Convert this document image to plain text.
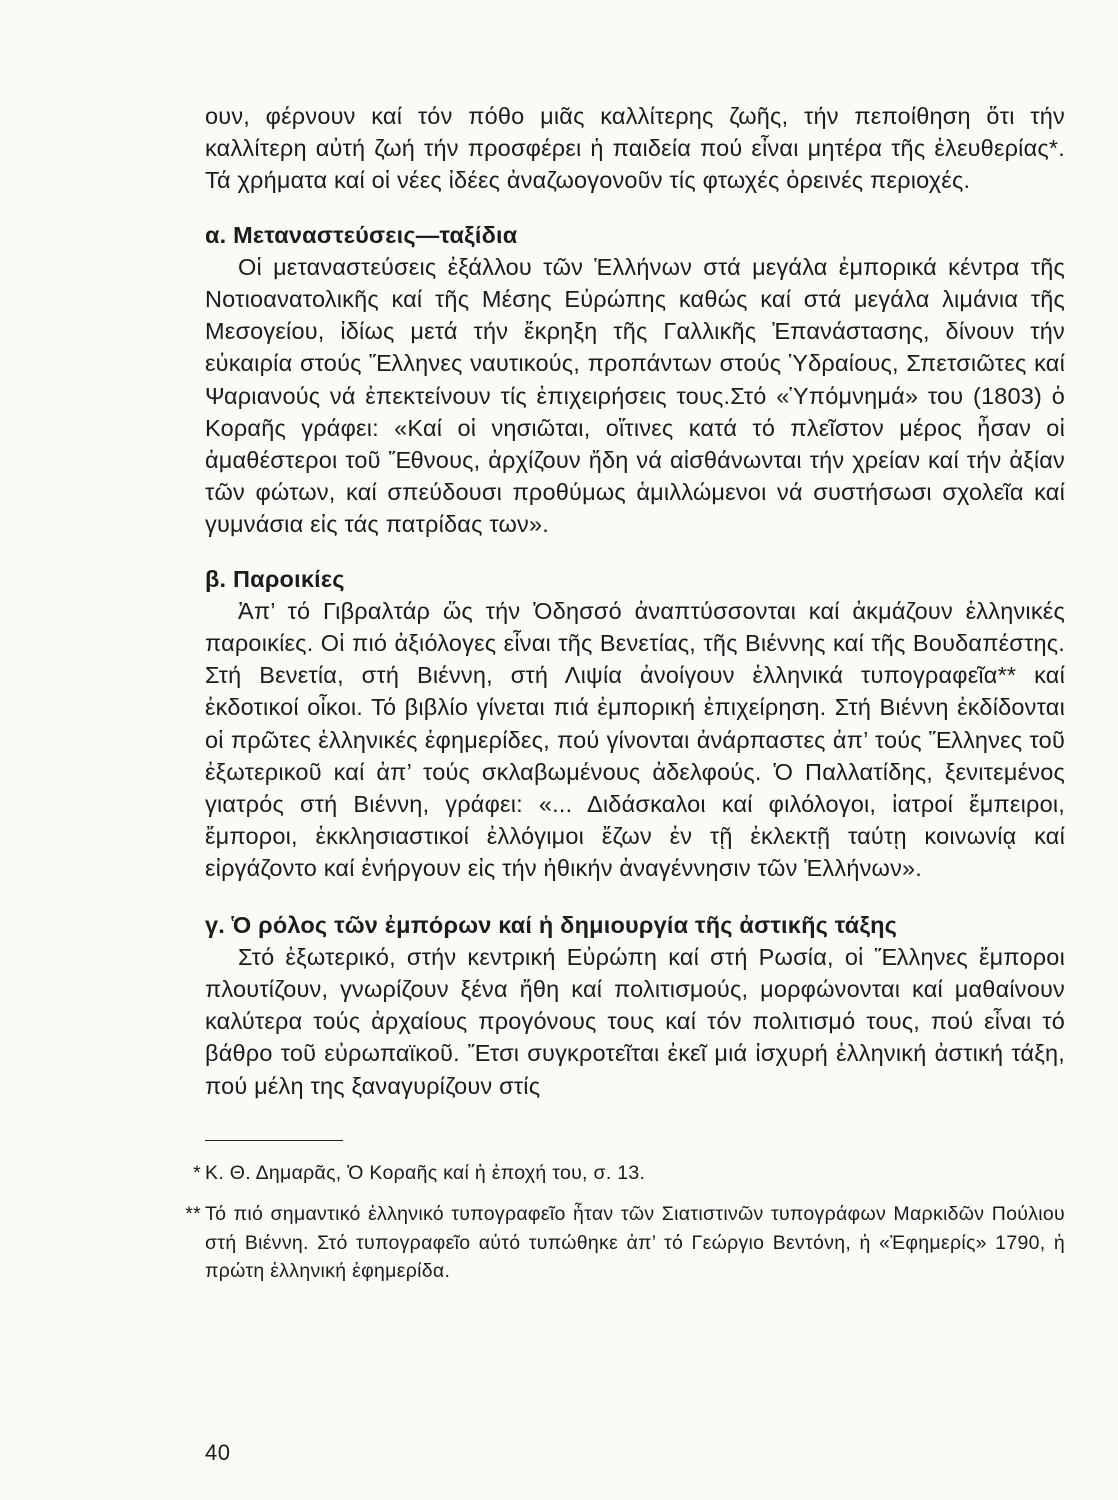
ουν, φέρνουν καί τόν πόθο μιᾶς καλλίτερης ζωῆς, τήν πεποίθηση ὅτι τήν καλλίτερη αὐτή ζωή τήν προσφέρει ἡ παιδεία πού εἶναι μητέρα τῆς ἐλευθερίας*. Τά χρήματα καί οἱ νέες ἰδέες ἀναζωογονοῦν τίς φτωχές ὀρεινές περιοχές.

α. Μεταναστεύσεις—ταξίδια

Οἱ μεταναστεύσεις ἐξάλλου τῶν Ἑλλήνων στά μεγάλα ἐμπορικά κέντρα τῆς Νοτιοανατολικῆς καί τῆς Μέσης Εὐρώπης καθώς καί στά μεγάλα λιμάνια τῆς Μεσογείου, ἰδίως μετά τήν ἔκρηξη τῆς Γαλλικῆς Ἐπανάστασης, δίνουν τήν εὐκαιρία στούς Ἕλληνες ναυτικούς, προπάντων στούς Ὑδραίους, Σπετσιῶτες καί Ψαριανούς νά ἐπεκτείνουν τίς ἐπιχειρήσεις τους.Στό «Ὑπόμνημά» του (1803) ὁ Κοραῆς γράφει: «Καί οἱ νησιῶται, οἵτινες κατά τό πλεῖστον μέρος ἦσαν οἱ ἀμαθέστεροι τοῦ Ἔθνους, ἀρχίζουν ἤδη νά αἰσθάνωνται τήν χρείαν καί τήν ἀξίαν τῶν φώτων, καί σπεύδουσι προθύμως ἁμιλλώμενοι νά συστήσωσι σχολεῖα καί γυμνάσια εἰς τάς πατρίδας των».

β. Παροικίες

Ἀπ’ τό Γιβραλτάρ ὥς τήν Ὀδησσό ἀναπτύσσονται καί ἀκμάζουν ἑλληνικές παροικίες. Οἱ πιό ἀξιόλογες εἶναι τῆς Βενετίας, τῆς Βιέννης καί τῆς Βουδαπέστης. Στή Βενετία, στή Βιέννη, στή Λιψία ἀνοίγουν ἑλληνικά τυπογραφεῖα** καί ἐκδοτικοί οἶκοι. Τό βιβλίο γίνεται πιά ἐμπορική ἐπιχείρηση. Στή Βιέννη ἐκδίδονται οἱ πρῶτες ἑλληνικές ἐφημερίδες, πού γίνονται ἀνάρπαστες ἀπ’ τούς Ἕλληνες τοῦ ἐξωτερικοῦ καί ἀπ’ τούς σκλαβωμένους ἀδελφούς. Ὁ Παλλατίδης, ξενιτεμένος γιατρός στή Βιέννη, γράφει: «... Διδάσκαλοι καί φιλόλογοι, ἰατροί ἔμπειροι, ἔμποροι, ἐκκλησιαστικοί ἐλλόγιμοι ἔζων ἐν τῇ ἐκλεκτῇ ταύτῃ κοινωνίᾳ καί εἰργάζοντο καί ἐνήργουν εἰς τήν ἠθικήν ἀναγέννησιν τῶν Ἑλλήνων».

γ. Ὁ ρόλος τῶν ἐμπόρων καί ἡ δημιουργία τῆς ἀστικῆς τάξης

Στό ἐξωτερικό, στήν κεντρική Εὐρώπη καί στή Ρωσία, οἱ Ἕλληνες ἔμποροι πλουτίζουν, γνωρίζουν ξένα ἤθη καί πολιτισμούς, μορφώνονται καί μαθαίνουν καλύτερα τούς ἀρχαίους προγόνους τους καί τόν πολιτισμό τους, πού εἶναι τό βάθρο τοῦ εὐρωπαϊκοῦ. Ἔτσι συγκροτεῖται ἐκεῖ μιά ἰσχυρή ἑλληνική ἀστική τάξη, πού μέλη της ξαναγυρίζουν στίς

* Κ. Θ. Δημαρᾶς, Ὁ Κοραῆς καί ἡ ἐποχή του, σ. 13.
** Τό πιό σημαντικό ἑλληνικό τυπογραφεῖο ἦταν τῶν Σιατιστινῶν τυπογράφων Μαρκιδῶν Πούλιου στή Βιέννη. Στό τυπογραφεῖο αὐτό τυπώθηκε ἀπ’ τό Γεώργιο Βεντόνη, ἡ «Ἐφημερίς» 1790, ἡ πρώτη ἑλληνική ἐφημερίδα.
40
